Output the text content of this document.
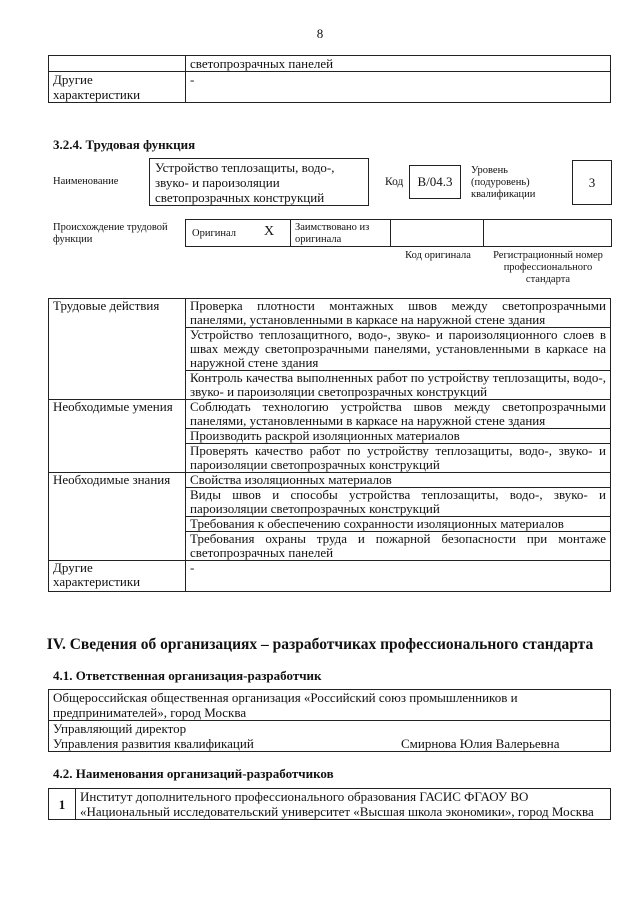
8
	светопрозрачных панелей
Другие характеристики	-
3.2.4. Трудовая функция
Наименование
Устройство теплозащиты, водо-, звуко- и пароизоляции светопрозрачных конструкций
Код	В/04.3
Уровень (подуровень) квалификации
3
Происхождение трудовой функции
Оригинал X Заимствовано из оригинала
Код оригинала	Регистрационный номер профессионального стандарта
Трудовые действия	Проверка плотности монтажных швов между светопрозрачными панелями, установленными в каркасе на наружной стене здания
	Устройство теплозащитного, водо-, звуко- и пароизоляционного слоев в швах между светопрозрачными панелями, установленными в каркасе на наружной стене здания
	Контроль качества выполненных работ по устройству теплозащиты, водо-, звуко- и пароизоляции светопрозрачных конструкций
Необходимые умения	Соблюдать технологию устройства швов между светопрозрачными панелями, установленными в каркасе на наружной стене здания
	Производить раскрой изоляционных материалов
	Проверять качество работ по устройству теплозащиты, водо-, звуко- и пароизоляции светопрозрачных конструкций
Необходимые знания	Свойства изоляционных материалов
	Виды швов и способы устройства теплозащиты, водо-, звуко- и пароизоляции светопрозрачных конструкций
	Требования к обеспечению сохранности изоляционных материалов
	Требования охраны труда и пожарной безопасности при монтаже светопрозрачных панелей
Другие характеристики	-
IV. Сведения об организациях – разработчиках профессионального стандарта
4.1. Ответственная организация-разработчик
Общероссийская общественная организация «Российский союз промышленников и предпринимателей», город Москва

Управляющий директор
Управления развития квалификаций	Смирнова Юлия Валерьевна
4.2. Наименования организаций-разработчиков
1	Институт дополнительного профессионального образования ГАСИС ФГАОУ ВО «Национальный исследовательский университет «Высшая школа экономики», город Москва
